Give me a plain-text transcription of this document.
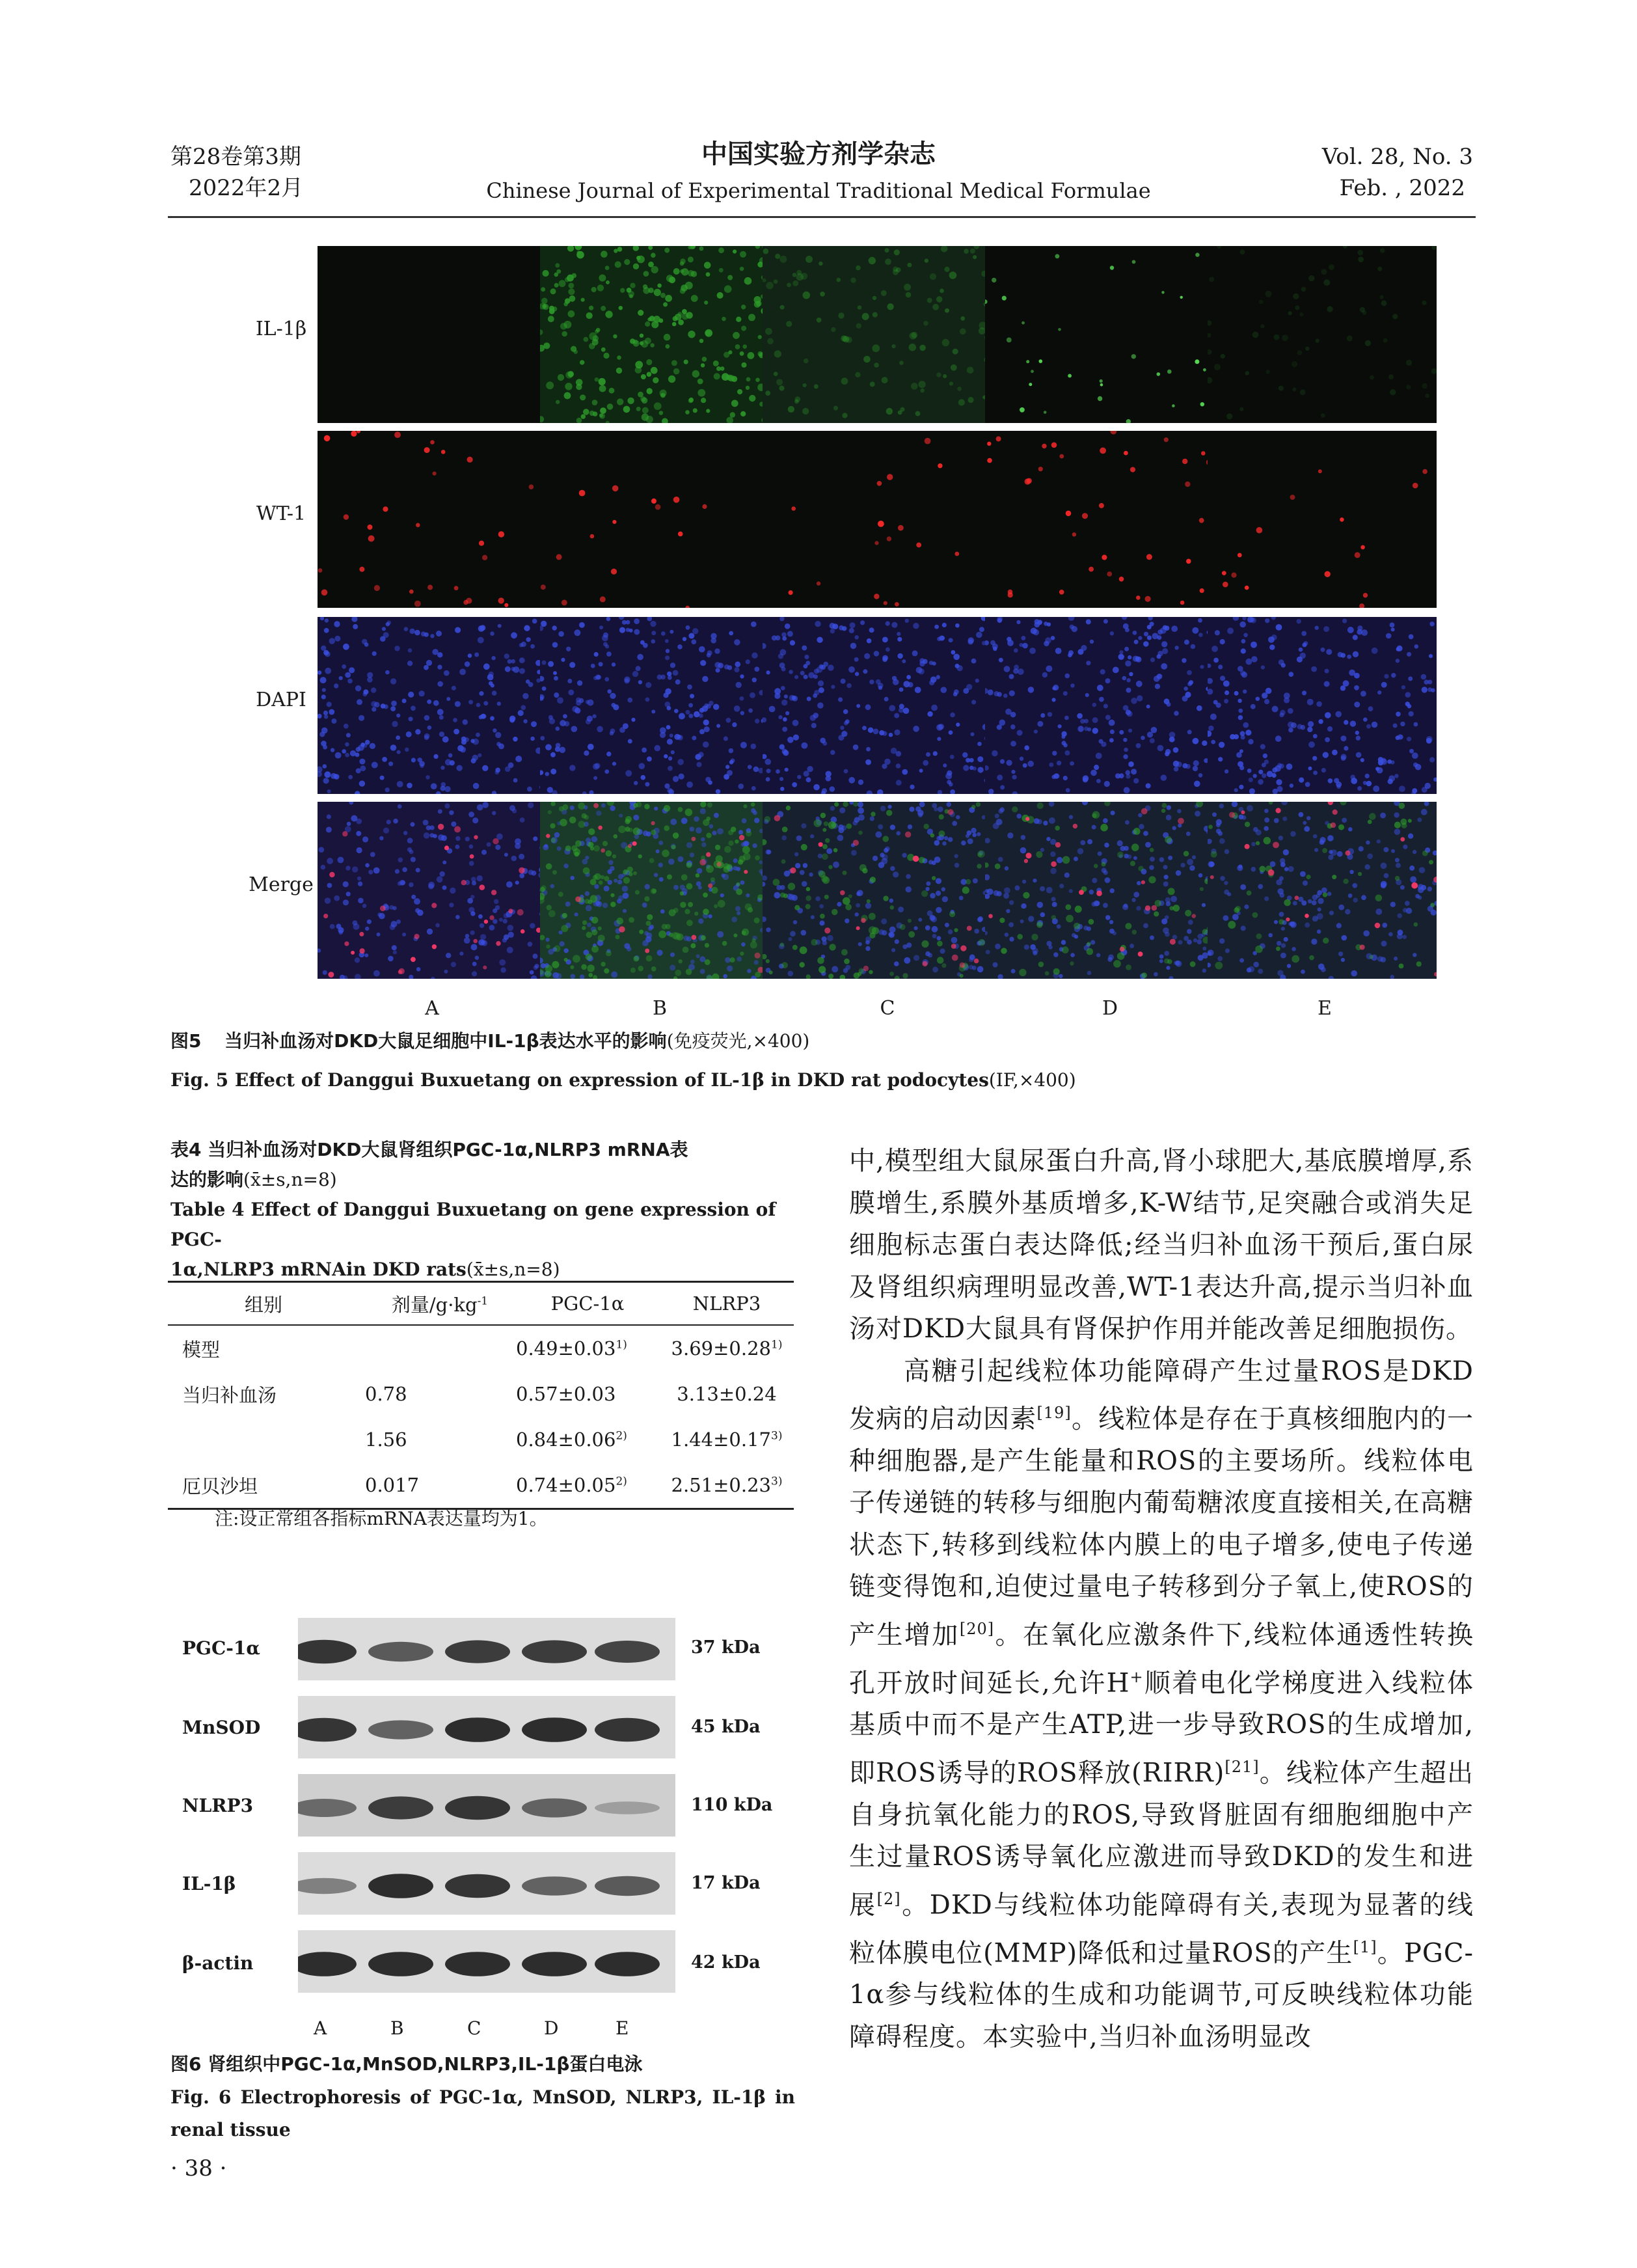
第28卷第3期
2022年2月
中国实验方剂学杂志
Chinese Journal of Experimental Traditional Medical Formulae
Vol. 28, No. 3
Feb. , 2022
IL-1β
WT-1
DAPI
Merge
A	B	C	D	E
图5 当归补血汤对DKD大鼠足细胞中IL-1β表达水平的影响(免疫荧光,×400)
Fig. 5 Effect of Danggui Buxuetang on expression of IL-1β in DKD rat podocytes(IF,×400)
表4 当归补血汤对DKD大鼠肾组织PGC-1α,NLRP3 mRNA表
达的影响(x̄±s,n=8)
Table 4 Effect of Danggui Buxuetang on gene expression of PGC-
1α,NLRP3 mRNAin DKD rats(x̄±s,n=8)
组别	剂量$/g\cdot kg^{-1}$	PGC-1α	NLRP3
模型		$0.49\pm 0.03^{1)}$	$3.69\pm 0.28^{1)}$
当归补血汤	0.78	0.57±0.03	3.13±0.24
	1.56	$0.84\pm 0.06^{2)}$	$1.44\pm 0.17^{3)}$
厄贝沙坦	0.017	$0.74\pm 0.05^{2)}$	$2.51\pm 0.23^{3)}$
注:设正常组各指标mRNA表达量均为1。
PGC-1α
MnSOD
NLRP3
IL-1β
β-actin
37 kDa
45 kDa
110 kDa
17 kDa
42 kDa
A	B	C	D	E
图6 肾组织中PGC-1α,MnSOD,NLRP3,IL-1β蛋白电泳
Fig. 6 Electrophoresis of PGC-1α, MnSOD, NLRP3, IL-1β in
renal tissue
· 38 ·

中,模型组大鼠尿蛋白升高,肾小球肥大,基底膜增厚,系膜增生,系膜外基质增多,K-W结节,足突融合或消失足细胞标志蛋白表达降低;经当归补血汤干预后,蛋白尿及肾组织病理明显改善,WT-1表达升高,提示当归补血汤对DKD大鼠具有肾保护作用并能改善足细胞损伤。

高糖引起线粒体功能障碍产生过量ROS是DKD发病的启动因素[19]。线粒体是存在于真核细胞内的一种细胞器,是产生能量和ROS的主要场所。线粒体电子传递链的转移与细胞内葡萄糖浓度直接相关,在高糖状态下,转移到线粒体内膜上的电子增多,使电子传递链变得饱和,迫使过量电子转移到分子氧上,使ROS的产生增加[20]。在氧化应激条件下,线粒体通透性转换孔开放时间延长,允许H+顺着电化学梯度进入线粒体基质中而不是产生ATP,进一步导致ROS的生成增加,即ROS诱导的ROS释放(RIRR)[21]。线粒体产生超出自身抗氧化能力的ROS,导致肾脏固有细胞细胞中产生过量ROS诱导氧化应激进而导致DKD的发生和进展[2]。DKD与线粒体功能障碍有关,表现为显著的线粒体膜电位(MMP)降低和过量ROS的产生[1]。PGC-1α参与线粒体的生成和功能调节,可反映线粒体功能障碍程度。本实验中,当归补血汤明显改
